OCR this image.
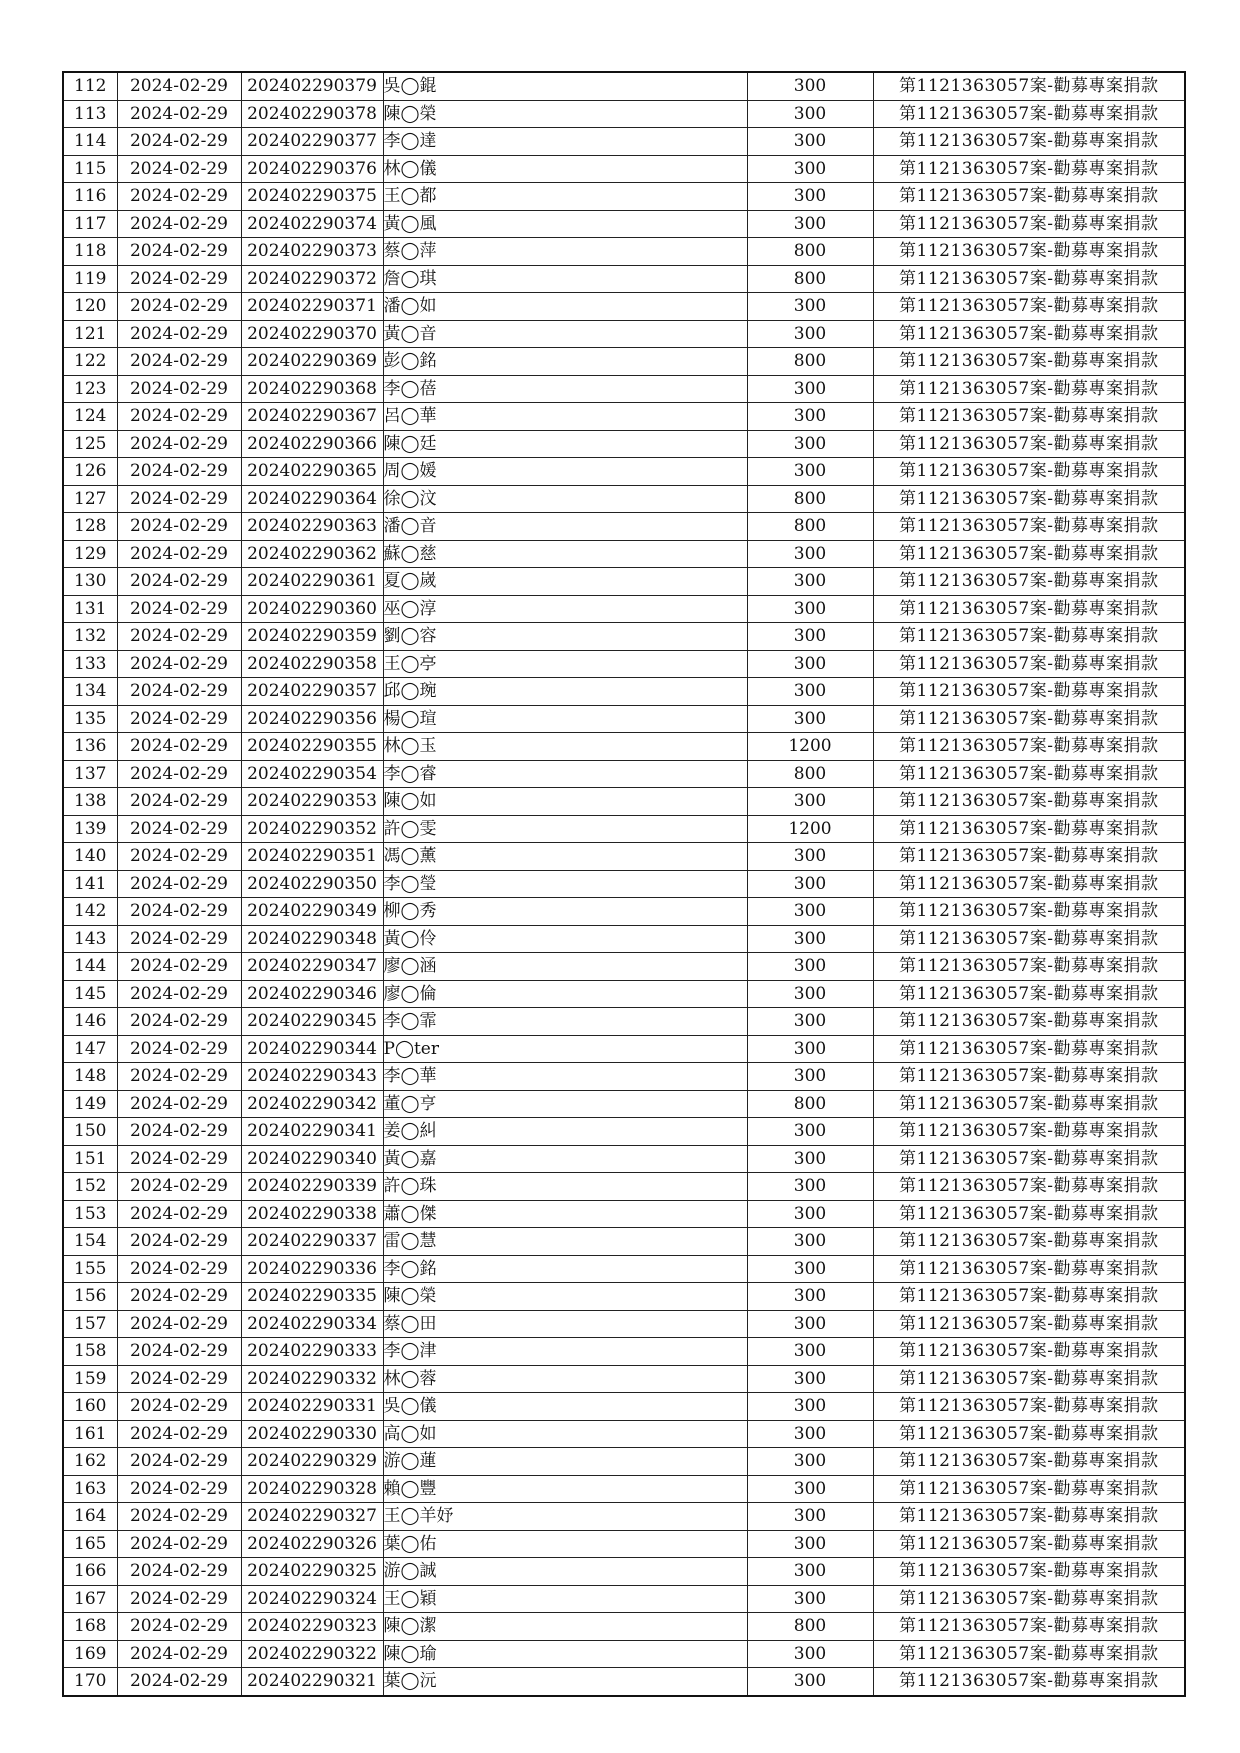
112	2024-02-29	202402290379	吳◯錕	300	第1121363057案-勸募專案捐款
113	2024-02-29	202402290378	陳◯榮	300	第1121363057案-勸募專案捐款
114	2024-02-29	202402290377	李◯達	300	第1121363057案-勸募專案捐款
115	2024-02-29	202402290376	林◯儀	300	第1121363057案-勸募專案捐款
116	2024-02-29	202402290375	王◯都	300	第1121363057案-勸募專案捐款
117	2024-02-29	202402290374	黃◯風	300	第1121363057案-勸募專案捐款
118	2024-02-29	202402290373	蔡◯萍	800	第1121363057案-勸募專案捐款
119	2024-02-29	202402290372	詹◯琪	800	第1121363057案-勸募專案捐款
120	2024-02-29	202402290371	潘◯如	300	第1121363057案-勸募專案捐款
121	2024-02-29	202402290370	黃◯音	300	第1121363057案-勸募專案捐款
122	2024-02-29	202402290369	彭◯銘	800	第1121363057案-勸募專案捐款
123	2024-02-29	202402290368	李◯蓓	300	第1121363057案-勸募專案捐款
124	2024-02-29	202402290367	呂◯華	300	第1121363057案-勸募專案捐款
125	2024-02-29	202402290366	陳◯廷	300	第1121363057案-勸募專案捐款
126	2024-02-29	202402290365	周◯媛	300	第1121363057案-勸募專案捐款
127	2024-02-29	202402290364	徐◯汶	800	第1121363057案-勸募專案捐款
128	2024-02-29	202402290363	潘◯音	800	第1121363057案-勸募專案捐款
129	2024-02-29	202402290362	蘇◯慈	300	第1121363057案-勸募專案捐款
130	2024-02-29	202402290361	夏◯嵗	300	第1121363057案-勸募專案捐款
131	2024-02-29	202402290360	巫◯淳	300	第1121363057案-勸募專案捐款
132	2024-02-29	202402290359	劉◯容	300	第1121363057案-勸募專案捐款
133	2024-02-29	202402290358	王◯亭	300	第1121363057案-勸募專案捐款
134	2024-02-29	202402290357	邱◯琬	300	第1121363057案-勸募專案捐款
135	2024-02-29	202402290356	楊◯瑄	300	第1121363057案-勸募專案捐款
136	2024-02-29	202402290355	林◯玉	1200	第1121363057案-勸募專案捐款
137	2024-02-29	202402290354	李◯睿	800	第1121363057案-勸募專案捐款
138	2024-02-29	202402290353	陳◯如	300	第1121363057案-勸募專案捐款
139	2024-02-29	202402290352	許◯雯	1200	第1121363057案-勸募專案捐款
140	2024-02-29	202402290351	馮◯薰	300	第1121363057案-勸募專案捐款
141	2024-02-29	202402290350	李◯瑩	300	第1121363057案-勸募專案捐款
142	2024-02-29	202402290349	柳◯秀	300	第1121363057案-勸募專案捐款
143	2024-02-29	202402290348	黃◯伶	300	第1121363057案-勸募專案捐款
144	2024-02-29	202402290347	廖◯涵	300	第1121363057案-勸募專案捐款
145	2024-02-29	202402290346	廖◯倫	300	第1121363057案-勸募專案捐款
146	2024-02-29	202402290345	李◯霏	300	第1121363057案-勸募專案捐款
147	2024-02-29	202402290344	P◯ter	300	第1121363057案-勸募專案捐款
148	2024-02-29	202402290343	李◯華	300	第1121363057案-勸募專案捐款
149	2024-02-29	202402290342	董◯亨	800	第1121363057案-勸募專案捐款
150	2024-02-29	202402290341	姜◯糾	300	第1121363057案-勸募專案捐款
151	2024-02-29	202402290340	黃◯嘉	300	第1121363057案-勸募專案捐款
152	2024-02-29	202402290339	許◯珠	300	第1121363057案-勸募專案捐款
153	2024-02-29	202402290338	蕭◯傑	300	第1121363057案-勸募專案捐款
154	2024-02-29	202402290337	雷◯慧	300	第1121363057案-勸募專案捐款
155	2024-02-29	202402290336	李◯銘	300	第1121363057案-勸募專案捐款
156	2024-02-29	202402290335	陳◯榮	300	第1121363057案-勸募專案捐款
157	2024-02-29	202402290334	蔡◯田	300	第1121363057案-勸募專案捐款
158	2024-02-29	202402290333	李◯津	300	第1121363057案-勸募專案捐款
159	2024-02-29	202402290332	林◯蓉	300	第1121363057案-勸募專案捐款
160	2024-02-29	202402290331	吳◯儀	300	第1121363057案-勸募專案捐款
161	2024-02-29	202402290330	高◯如	300	第1121363057案-勸募專案捐款
162	2024-02-29	202402290329	游◯蓮	300	第1121363057案-勸募專案捐款
163	2024-02-29	202402290328	賴◯豐	300	第1121363057案-勸募專案捐款
164	2024-02-29	202402290327	王◯羊妤	300	第1121363057案-勸募專案捐款
165	2024-02-29	202402290326	葉◯佑	300	第1121363057案-勸募專案捐款
166	2024-02-29	202402290325	游◯誠	300	第1121363057案-勸募專案捐款
167	2024-02-29	202402290324	王◯穎	300	第1121363057案-勸募專案捐款
168	2024-02-29	202402290323	陳◯潔	800	第1121363057案-勸募專案捐款
169	2024-02-29	202402290322	陳◯瑜	300	第1121363057案-勸募專案捐款
170	2024-02-29	202402290321	葉◯沅	300	第1121363057案-勸募專案捐款
